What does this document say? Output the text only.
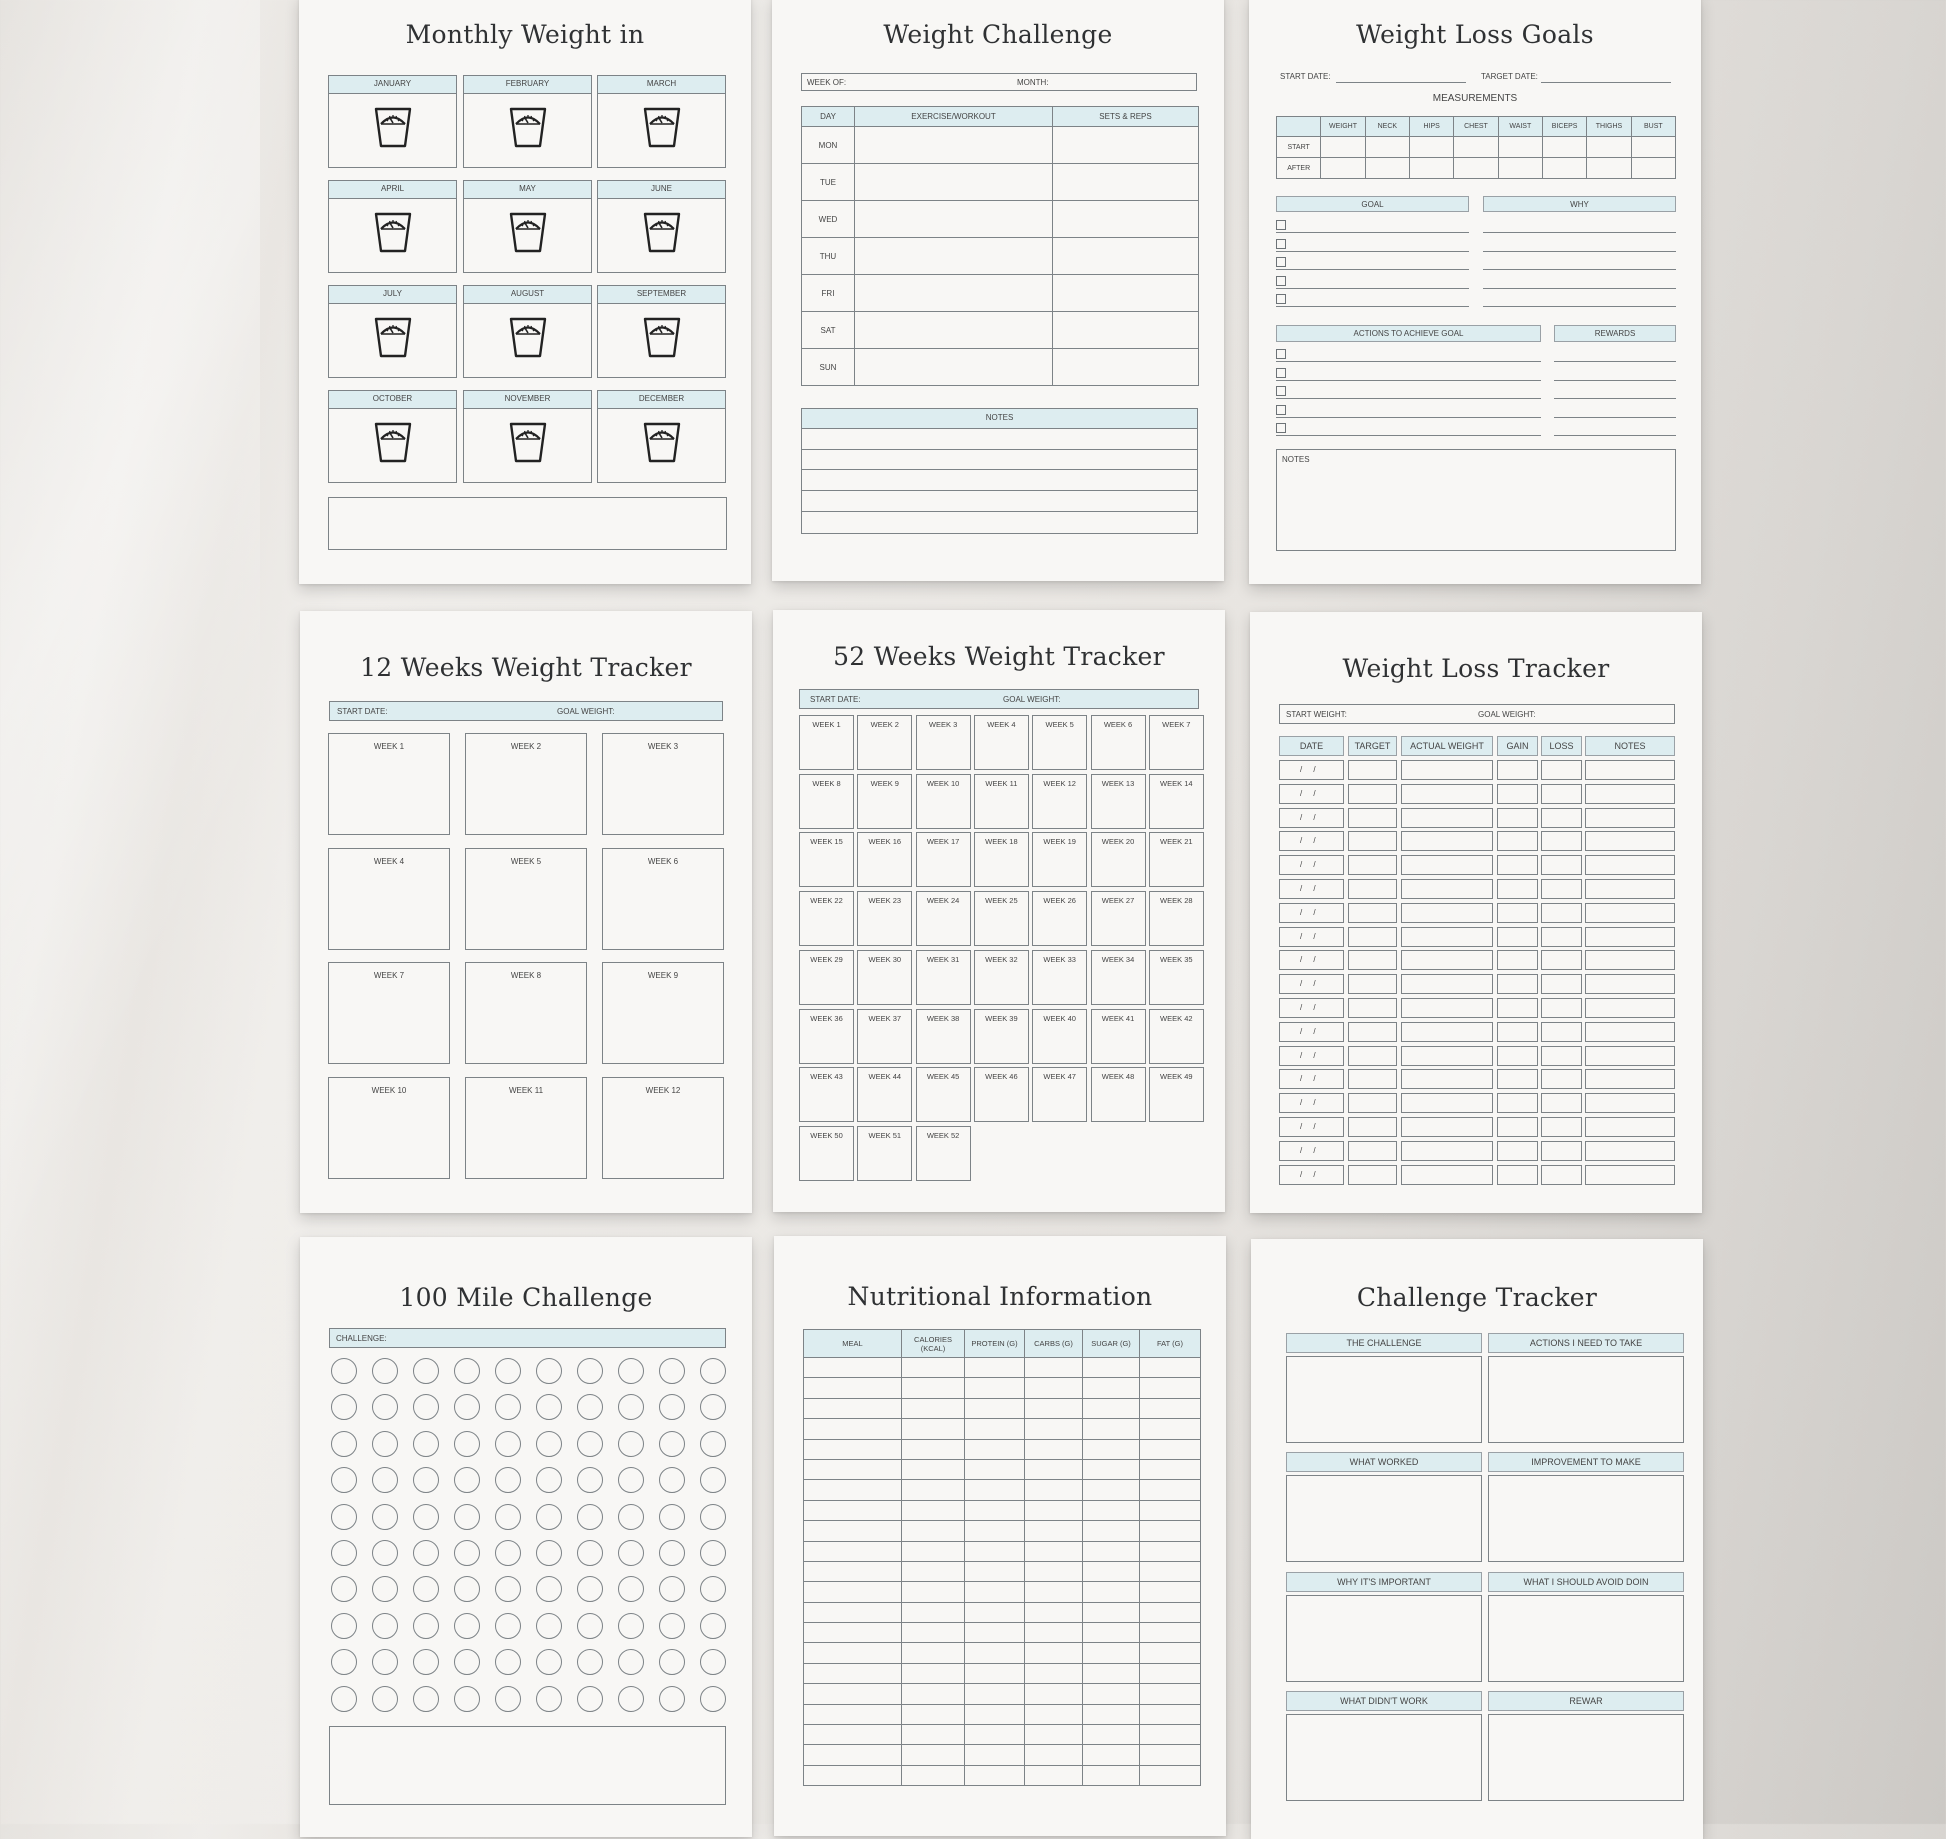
Monthly Weight in
JANUARY	FEBRUARY	MARCH
APRIL	MAY	JUNE
JULY	AUGUST	SEPTEMBER
OCTOBER	NOVEMBER	DECEMBER
Weight Challenge
WEEK OF:	MONTH:
DAY	EXERCISE/WORKOUT	SETS & REPS
MON		
TUE		
WED		
THU		
FRI		
SAT		
SUN		
NOTES
Weight Loss Goals
START DATE:	TARGET DATE:
MEASUREMENTS
	WEIGHT	NECK	HIPS	CHEST	WAIST	BICEPS	THIGHS	BUST
START								
AFTER								
GOAL	WHY
ACTIONS TO ACHIEVE GOAL	REWARDS
NOTES
12 Weeks Weight Tracker
START DATE:	GOAL WEIGHT:
WEEK 1	WEEK 2	WEEK 3
WEEK 4	WEEK 5	WEEK 6
WEEK 7	WEEK 8	WEEK 9
WEEK 10	WEEK 11	WEEK 12
52 Weeks Weight Tracker
START DATE:	GOAL WEIGHT:
WEEK 1	WEEK 2	WEEK 3	WEEK 4	WEEK 5	WEEK 6	WEEK 7
WEEK 8	WEEK 9	WEEK 10	WEEK 11	WEEK 12	WEEK 13	WEEK 14
WEEK 15	WEEK 16	WEEK 17	WEEK 18	WEEK 19	WEEK 20	WEEK 21
WEEK 22	WEEK 23	WEEK 24	WEEK 25	WEEK 26	WEEK 27	WEEK 28
WEEK 29	WEEK 30	WEEK 31	WEEK 32	WEEK 33	WEEK 34	WEEK 35
WEEK 36	WEEK 37	WEEK 38	WEEK 39	WEEK 40	WEEK 41	WEEK 42
WEEK 43	WEEK 44	WEEK 45	WEEK 46	WEEK 47	WEEK 48	WEEK 49
WEEK 50	WEEK 51	WEEK 52
Weight Loss Tracker
START WEIGHT:	GOAL WEIGHT:
DATE	TARGET	ACTUAL WEIGHT	GAIN	LOSS	NOTES
/     /
/     /
/     /
/     /
/     /
/     /
/     /
/     /
/     /
/     /
/     /
/     /
/     /
/     /
/     /
/     /
/     /
/     /
100 Mile Challenge
CHALLENGE:
Nutritional Information
MEAL	CALORIES (KCAL)	PROTEIN (G)	CARBS (G)	SUGAR (G)	FAT (G)

Challenge Tracker
THE CHALLENGE	ACTIONS I NEED TO TAKE
WHAT WORKED	IMPROVEMENT TO MAKE
WHY IT'S IMPORTANT	WHAT I SHOULD AVOID DOIN
WHAT DIDN'T WORK	REWAR
